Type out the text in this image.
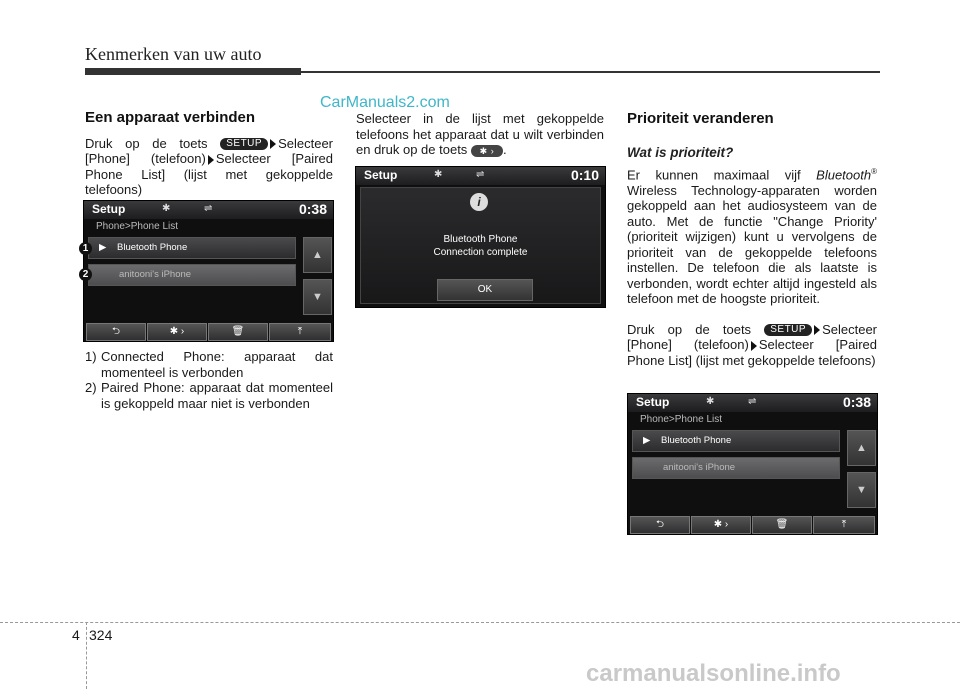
Kenmerken van uw auto
CarManuals2.com
Een apparaat verbinden

Druk op de toets SETUP Selecteer [Phone] (telefoon) Selecteer [Paired Phone List] (lijst met gekoppelde telefoons)

Setup	✱	⇌	0:38
Phone>Phone List
▶ Bluetooth Phone
anitooni's iPhone
▲
▼
⮌	✱ ›	🗑	⤒
1
2
1) Connected Phone: apparaat dat momenteel is verbonden
2) Paired Phone: apparaat dat momenteel is gekoppeld maar niet is verbonden

Selecteer in de lijst met gekoppelde telefoons het apparaat dat u wilt verbinden en druk op de toets ✱ › .

Setup	✱	⇌	0:10
i
Bluetooth Phone
Connection complete
OK
Prioriteit veranderen
Wat is prioriteit?

Er kunnen maximaal vijf Bluetooth® Wireless Technology-apparaten worden gekoppeld aan het audiosysteem van de auto. Met de functie "Change Priority' (prioriteit wijzigen) kunt u vervolgens de prioriteit van de gekoppelde telefoons instellen. De telefoon die als laatste is verbonden, wordt echter altijd ingesteld als telefoon met de hoogste prioriteit.

Druk op de toets SETUP Selecteer [Phone] (telefoon) Selecteer [Paired Phone List] (lijst met gekoppelde telefoons)

Setup	✱	⇌	0:38
Phone>Phone List
▶ Bluetooth Phone
anitooni's iPhone
▲
▼
⮌	✱ ›	🗑	⤒
4 324
carmanualsonline.info
